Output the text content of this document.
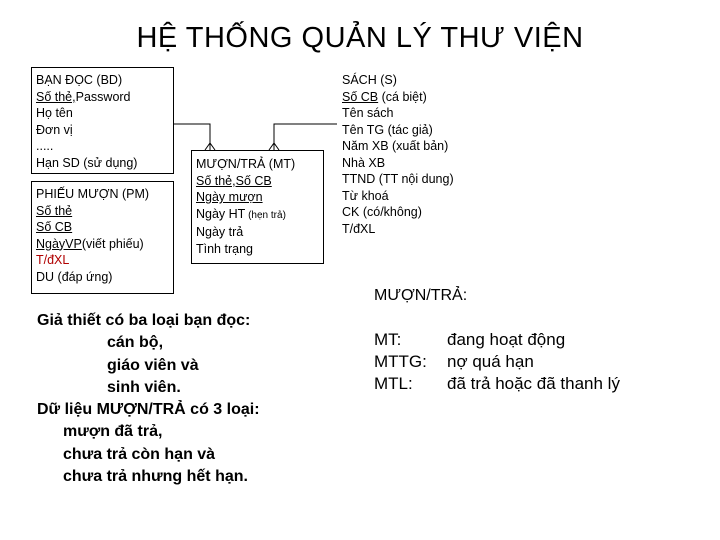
HỆ THỐNG QUẢN LÝ THƯ VIỆN
BẠN ĐỌC (BD)
Số thẻ,Password
Họ tên
Đơn vị
.....
Hạn SD (sử dụng)
PHIẾU MƯỢN (PM)
Số thẻ
Số CB
NgàyVP(viết phiếu)
T/đXL
DU (đáp ứng)
MƯỢN/TRẢ (MT)
Số thẻ,Số CB
Ngày mượn
Ngày HT (hẹn trả)
Ngày trả
Tình trạng
SÁCH (S)
Số CB (cá biệt)
Tên sách
Tên TG (tác giả)
Năm XB (xuất bản)
Nhà XB
TTND (TT nội dung)
Từ khoá
CK (có/không)
T/đXL
Giả thiết có ba loại bạn đọc:
cán bộ,
giáo viên và
sinh viên.
Dữ liệu MƯỢN/TRẢ có 3 loại:
mượn đã trả,
chưa trả còn hạn và
chưa trả nhưng hết hạn.
MƯỢN/TRẢ:
MT:	đang hoạt động
MTTG:	nợ quá hạn
MTL:	đã trả hoặc đã thanh lý
